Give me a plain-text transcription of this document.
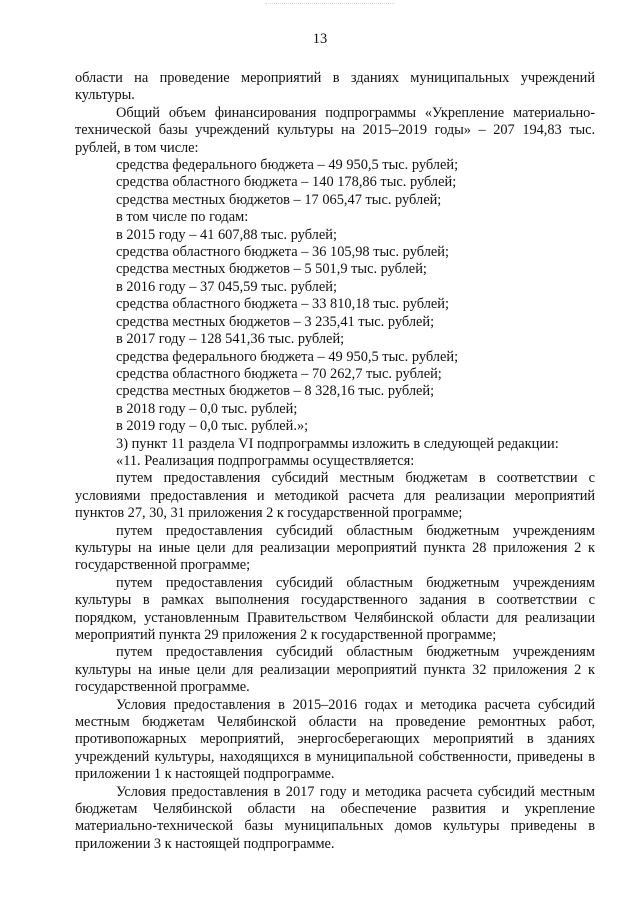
13

области на проведение мероприятий в зданиях муниципальных учреждений культуры.

Общий объем финансирования подпрограммы «Укрепление материально-технической базы учреждений культуры на 2015–2019 годы» – 207 194,83 тыс. рублей, в том числе:

средства федерального бюджета – 49 950,5 тыс. рублей;

средства областного бюджета – 140 178,86 тыс. рублей;

средства местных бюджетов – 17 065,47 тыс. рублей;

в том числе по годам:

в 2015 году – 41 607,88 тыс. рублей;

средства областного бюджета – 36 105,98 тыс. рублей;

средства местных бюджетов – 5 501,9 тыс. рублей;

в 2016 году – 37 045,59 тыс. рублей;

средства областного бюджета – 33 810,18 тыс. рублей;

средства местных бюджетов – 3 235,41 тыс. рублей;

в 2017 году – 128 541,36 тыс. рублей;

средства федерального бюджета – 49 950,5 тыс. рублей;

средства областного бюджета – 70 262,7 тыс. рублей;

средства местных бюджетов – 8 328,16 тыс. рублей;

в 2018 году – 0,0 тыс. рублей;

в 2019 году – 0,0 тыс. рублей.»;

3) пункт 11 раздела VI подпрограммы изложить в следующей редакции:

«11. Реализация подпрограммы осуществляется:

путем предоставления субсидий местным бюджетам в соответствии с условиями предоставления и методикой расчета для реализации мероприятий пунктов 27, 30, 31 приложения 2 к государственной программе;

путем предоставления субсидий областным бюджетным учреждениям культуры на иные цели для реализации мероприятий пункта 28 приложения 2 к государственной программе;

путем предоставления субсидий областным бюджетным учреждениям культуры в рамках выполнения государственного задания в соответствии с порядком, установленным Правительством Челябинской области для реализации мероприятий пункта 29 приложения 2 к государственной программе;

путем предоставления субсидий областным бюджетным учреждениям культуры на иные цели для реализации мероприятий пункта 32 приложения 2 к государственной программе.

Условия предоставления в 2015–2016 годах и методика расчета субсидий местным бюджетам Челябинской области на проведение ремонтных работ, противопожарных мероприятий, энергосберегающих мероприятий в зданиях учреждений культуры, находящихся в муниципальной собственности, приведены в приложении 1 к настоящей подпрограмме.

Условия предоставления в 2017 году и методика расчета субсидий местным бюджетам Челябинской области на обеспечение развития и укрепление материально-технической базы муниципальных домов культуры приведены в приложении 3 к настоящей подпрограмме.
